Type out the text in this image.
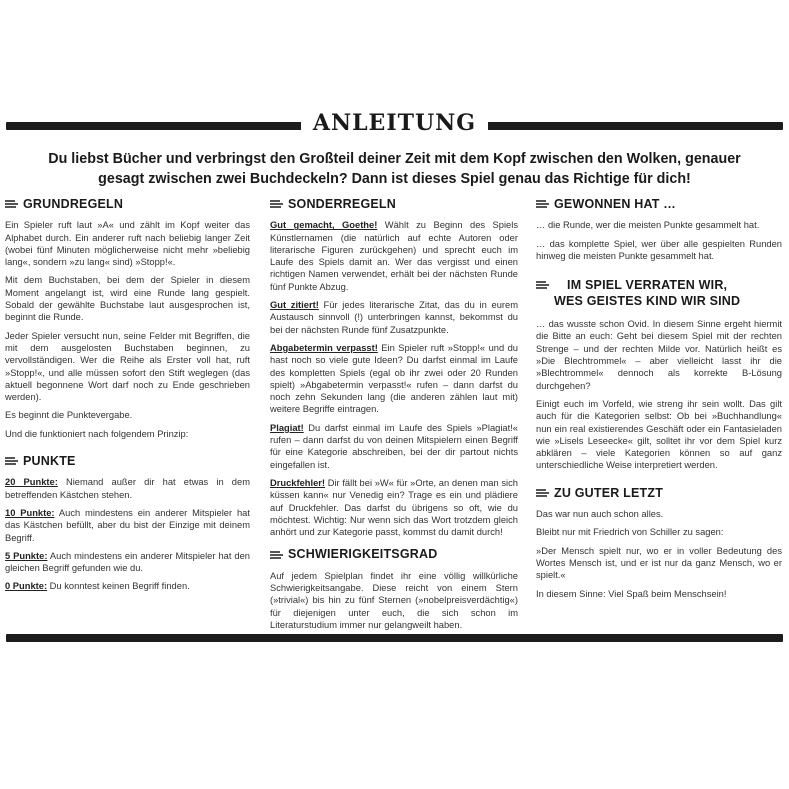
ANLEITUNG
Du liebst Bücher und verbringst den Großteil deiner Zeit mit dem Kopf zwischen den Wolken, genauer gesagt zwischen zwei Buchdeckeln? Dann ist dieses Spiel genau das Richtige für dich!
GRUNDREGELN

Ein Spieler ruft laut »A« und zählt im Kopf weiter das Alphabet durch. Ein anderer ruft nach beliebig langer Zeit (wobei fünf Minuten möglicherweise nicht mehr »beliebig lang«, sondern »zu lang« sind) »Stopp!«.

Mit dem Buchstaben, bei dem der Spieler in diesem Moment angelangt ist, wird eine Runde lang gespielt. Sobald der gewählte Buchstabe laut ausgesprochen ist, beginnt die Runde.

Jeder Spieler versucht nun, seine Felder mit Begriffen, die mit dem ausgelosten Buchstaben beginnen, zu vervollständigen. Wer die Reihe als Erster voll hat, ruft »Stopp!«, und alle müssen sofort den Stift weglegen (das aktuell begonnene Wort darf noch zu Ende geschrieben werden).

Es beginnt die Punktevergabe.

Und die funktioniert nach folgendem Prinzip:

PUNKTE

20 Punkte: Niemand außer dir hat etwas in dem betreffenden Kästchen stehen.

10 Punkte: Auch mindestens ein anderer Mitspieler hat das Kästchen befüllt, aber du bist der Einzige mit deinem Begriff.

5 Punkte: Auch mindestens ein anderer Mitspieler hat den gleichen Begriff gefunden wie du.

0 Punkte: Du konntest keinen Begriff finden.

SONDERREGELN

Gut gemacht, Goethe! Wählt zu Beginn des Spiels Künstlernamen (die natürlich auf echte Autoren oder literarische Figuren zurückgehen) und sprecht euch im Laufe des Spiels damit an. Wer das vergisst und einen richtigen Namen verwendet, erhält bei der nächsten Runde fünf Punkte Abzug.

Gut zitiert! Für jedes literarische Zitat, das du in eurem Austausch sinnvoll (!) unterbringen kannst, bekommst du bei der nächsten Runde fünf Zusatzpunkte.

Abgabetermin verpasst! Ein Spieler ruft »Stopp!« und du hast noch so viele gute Ideen? Du darfst einmal im Laufe des kompletten Spiels (egal ob ihr zwei oder 20 Runden spielt) »Abgabetermin verpasst!« rufen – dann darfst du noch zehn Sekunden lang (die anderen zählen laut mit) weitere Begriffe eintragen.

Plagiat! Du darfst einmal im Laufe des Spiels »Plagiat!« rufen – dann darfst du von deinen Mitspielern einen Begriff für eine Kategorie abschreiben, bei der dir partout nichts eingefallen ist.

Druckfehler! Dir fällt bei »W« für »Orte, an denen man sich küssen kann« nur Venedig ein? Trage es ein und plädiere auf Druckfehler. Das darfst du übrigens so oft, wie du möchtest. Wichtig: Nur wenn sich das Wort trotzdem gleich anhört und zur Kategorie passt, kommst du damit durch!

SCHWIERIGKEITSGRAD

Auf jedem Spielplan findet ihr eine völlig willkürliche Schwierigkeitsangabe. Diese reicht von einem Stern (»trivial«) bis hin zu fünf Sternen (»nobelpreisverdächtig«) für diejenigen unter euch, die sich schon im Literaturstudium immer nur gelangweilt haben.

GEWONNEN HAT …

… die Runde, wer die meisten Punkte gesammelt hat.

… das komplette Spiel, wer über alle gespielten Runden hinweg die meisten Punkte gesammelt hat.

IM SPIEL VERRATEN WIR,
WES GEISTES KIND WIR SIND

… das wusste schon Ovid. In diesem Sinne ergeht hiermit die Bitte an euch: Geht bei diesem Spiel mit der rechten Strenge – und der rechten Milde vor. Natürlich heißt es »Die Blechtrommel« – aber vielleicht lasst ihr die »Blechtrommel« dennoch als korrekte B-Lösung durchgehen?

Einigt euch im Vorfeld, wie streng ihr sein wollt. Das gilt auch für die Kategorien selbst: Ob bei »Buchhandlung« nun ein real existierendes Geschäft oder ein Fantasieladen wie »Lisels Leseecke« gilt, solltet ihr vor dem Spiel kurz abklären – viele Kategorien können so auf ganz unterschiedliche Weise interpretiert werden.

ZU GUTER LETZT

Das war nun auch schon alles.

Bleibt nur mit Friedrich von Schiller zu sagen:

»Der Mensch spielt nur, wo er in voller Bedeutung des Wortes Mensch ist, und er ist nur da ganz Mensch, wo er spielt.«

In diesem Sinne: Viel Spaß beim Menschsein!
